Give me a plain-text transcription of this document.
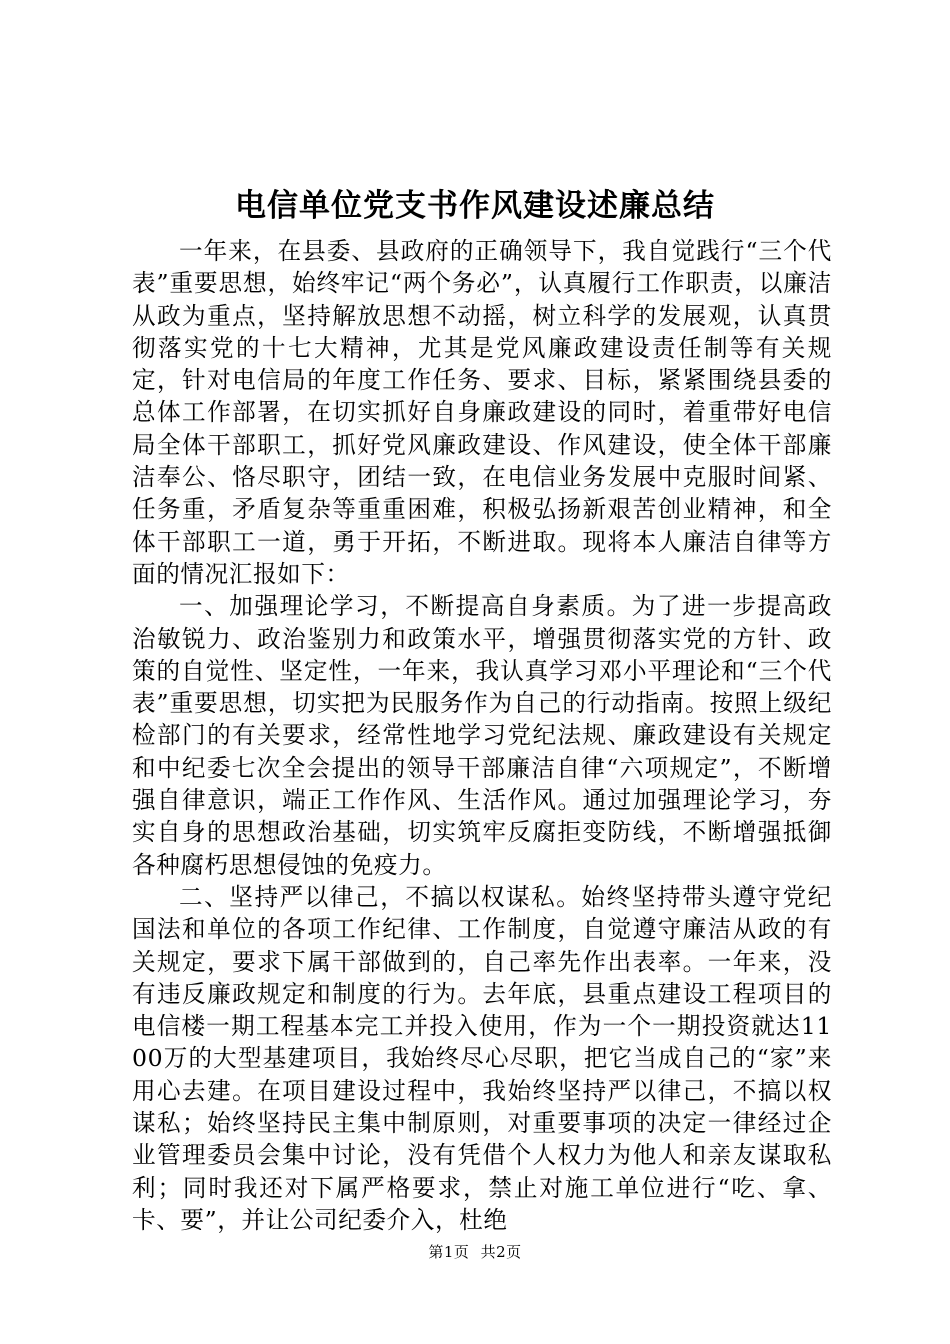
电信单位党支书作风建设述廉总结

一年来，在县委、县政府的正确领导下，我自觉践行“三个代表”重要思想，始终牢记“两个务必”，认真履行工作职责，以廉洁从政为重点，坚持解放思想不动摇，树立科学的发展观，认真贯彻落实党的十七大精神，尤其是党风廉政建设责任制等有关规定，针对电信局的年度工作任务、要求、目标，紧紧围绕县委的总体工作部署，在切实抓好自身廉政建设的同时，着重带好电信局全体干部职工，抓好党风廉政建设、作风建设，使全体干部廉洁奉公、恪尽职守，团结一致，在电信业务发展中克服时间紧、任务重，矛盾复杂等重重困难，积极弘扬新艰苦创业精神，和全体干部职工一道，勇于开拓，不断进取。现将本人廉洁自律等方面的情况汇报如下：

一、加强理论学习，不断提高自身素质。为了进一步提高政治敏锐力、政治鉴别力和政策水平，增强贯彻落实党的方针、政策的自觉性、坚定性，一年来，我认真学习邓小平理论和“三个代表”重要思想，切实把为民服务作为自己的行动指南。按照上级纪检部门的有关要求，经常性地学习党纪法规、廉政建设有关规定和中纪委七次全会提出的领导干部廉洁自律“六项规定”，不断增强自律意识，端正工作作风、生活作风。通过加强理论学习，夯实自身的思想政治基础，切实筑牢反腐拒变防线，不断增强抵御各种腐朽思想侵蚀的免疫力。

二、坚持严以律己，不搞以权谋私。始终坚持带头遵守党纪国法和单位的各项工作纪律、工作制度，自觉遵守廉洁从政的有关规定，要求下属干部做到的，自己率先作出表率。一年来，没有违反廉政规定和制度的行为。去年底，县重点建设工程项目的电信楼一期工程基本完工并投入使用，作为一个一期投资就达1100万的大型基建项目，我始终尽心尽职，把它当成自己的“家”来用心去建。在项目建设过程中，我始终坚持严以律己，不搞以权谋私；始终坚持民主集中制原则，对重要事项的决定一律经过企业管理委员会集中讨论，没有凭借个人权力为他人和亲友谋取私利；同时我还对下属严格要求，禁止对施工单位进行“吃、拿、卡、要”，并让公司纪委介入，杜绝

第1页 共2页
